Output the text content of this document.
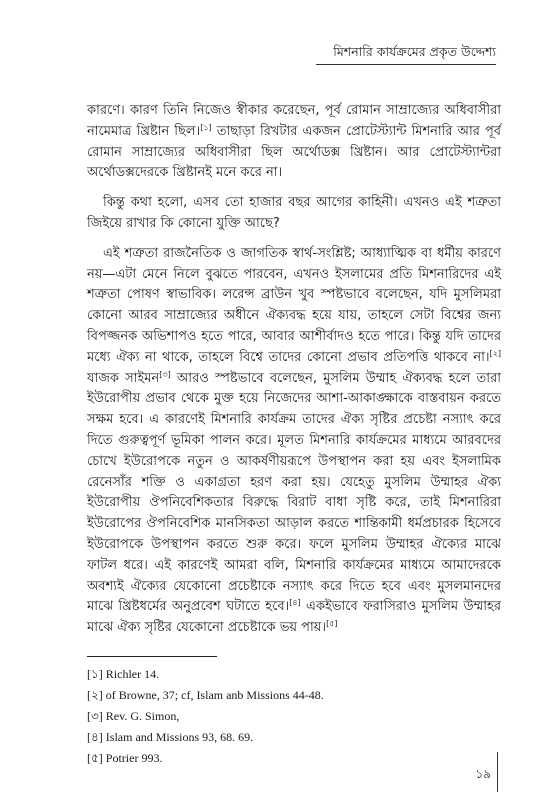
মিশনারি কার্যক্রমের প্রকৃত উদ্দেশ্য

কারণে। কারণ তিনি নিজেও স্বীকার করেছেন, পূর্ব রোমান সাম্রাজ্যের অধিবাসীরা নামেমাত্র খ্রিষ্টান ছিল।[১] তাছাড়া রিখটার একজন প্রোটেস্ট্যান্ট মিশনারি আর পূর্ব রোমান সাম্রাজ্যের অধিবাসীরা ছিল অর্থোডক্স খ্রিষ্টান। আর প্রোটেস্ট্যান্টরা অর্থোডক্সদেরকে খ্রিষ্টানই মনে করে না।

কিন্তু কথা হলো, এসব তো হাজার বছর আগের কাহিনী। এখনও এই শত্রুতা জিইয়ে রাখার কি কোনো যুক্তি আছে?

এই শত্রুতা রাজনৈতিক ও জাগতিক স্বার্থ-সংশ্লিষ্ট; আধ্যাত্মিক বা ধর্মীয় কারণে নয়—এটা মেনে নিলে বুঝতে পারবেন, এখনও ইসলামের প্রতি মিশনারিদের এই শত্রুতা পোষণ স্বাভাবিক। লরেন্স ব্রাউন খুব স্পষ্টভাবে বলেছেন, যদি মুসলিমরা কোনো আরব সাম্রাজ্যের অধীনে ঐক্যবদ্ধ হয়ে যায়, তাহলে সেটা বিশ্বের জন্য বিপজ্জনক অভিশাপও হতে পারে, আবার আশীর্বাদও হতে পারে। কিন্তু যদি তাদের মধ্যে ঐক্য না থাকে, তাহলে বিশ্বে তাদের কোনো প্রভাব প্রতিপত্তি থাকবে না।[২] যাজক সাইমন[৩] আরও স্পষ্টভাবে বলেছেন, মুসলিম উম্মাহ ঐক্যবদ্ধ হলে তারা ইউরোপীয় প্রভাব থেকে মুক্ত হয়ে নিজেদের আশা-আকাঙ্ক্ষাকে বাস্তবায়ন করতে সক্ষম হবে। এ কারণেই মিশনারি কার্যক্রম তাদের ঐক্য সৃষ্টির প্রচেষ্টা নস্যাৎ করে দিতে গুরুত্বপূর্ণ ভূমিকা পালন করে। মূলত মিশনারি কার্যক্রমের মাধ্যমে আরবদের চোখে ইউরোপকে নতুন ও আকর্ষণীয়রূপে উপস্থাপন করা হয় এবং ইসলামিক রেনেসাঁর শক্তি ও একাগ্রতা হরণ করা হয়। যেহেতু মুসলিম উম্মাহর ঐক্য ইউরোপীয় ঔপনিবেশিকতার বিরুদ্ধে বিরাট বাধা সৃষ্টি করে, তাই মিশনারিরা ইউরোপের ঔপনিবেশিক মানসিকতা আড়াল করতে শান্তিকামী ধর্মপ্রচারক হিসেবে ইউরোপকে উপস্থাপন করতে শুরু করে। ফলে মুসলিম উম্মাহর ঐক্যের মাঝে ফাটল ধরে। এই কারণেই আমরা বলি, মিশনারি কার্যক্রমের মাধ্যমে আমাদেরকে অবশ্যই ঐক্যের যেকোনো প্রচেষ্টাকে নস্যাৎ করে দিতে হবে এবং মুসলমানদের মাঝে খ্রিষ্টধর্মের অনুপ্রবেশ ঘটাতে হবে।[৪] একইভাবে ফরাসিরাও মুসলিম উম্মাহর মাঝে ঐক্য সৃষ্টির যেকোনো প্রচেষ্টাকে ভয় পায়।[৫]

[১] Richler 14.
[২] of Browne, 37; cf, Islam anb Missions 44-48.
[৩] Rev. G. Simon,
[৪] Islam and Missions 93, 68. 69.
[৫] Potrier 993.
১৯
